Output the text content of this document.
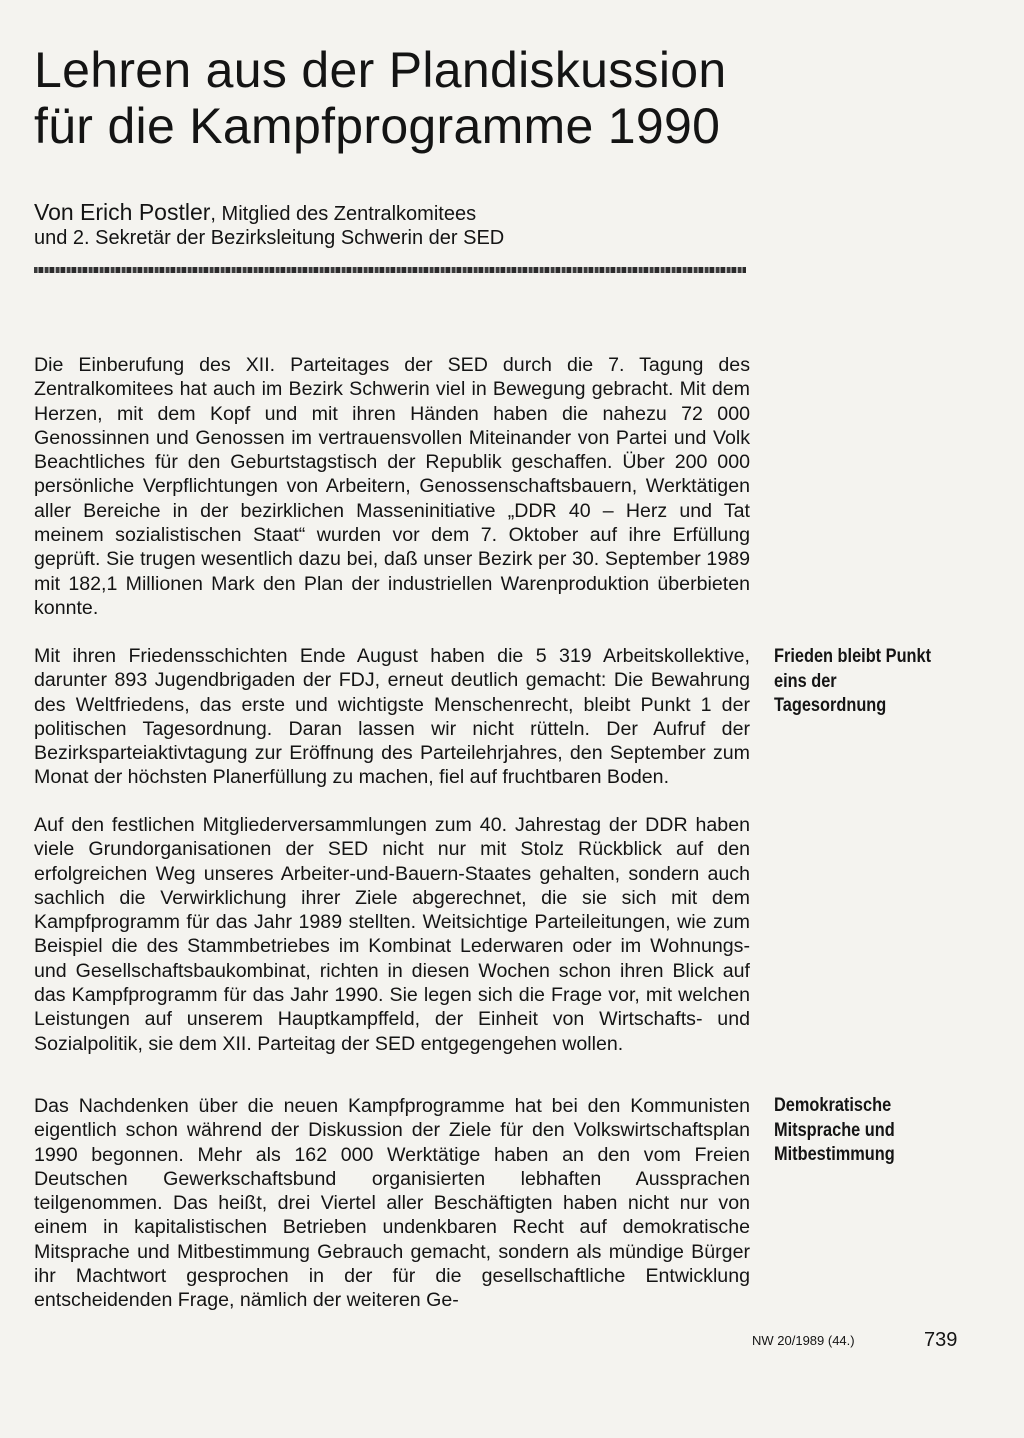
Lehren aus der Plandiskussion
für die Kampfprogramme 1990
Von Erich Postler, Mitglied des Zentralkomitees
und 2. Sekretär der Bezirksleitung Schwerin der SED

Die Einberufung des XII. Parteitages der SED durch die 7. Tagung des Zentralkomitees hat auch im Bezirk Schwerin viel in Bewegung gebracht. Mit dem Herzen, mit dem Kopf und mit ihren Händen haben die nahezu 72 000 Genossinnen und Genossen im vertrauensvollen Miteinander von Partei und Volk Beachtliches für den Geburtstagstisch der Republik geschaffen. Über 200 000 persönliche Verpflichtungen von Arbeitern, Genossenschaftsbauern, Werktätigen aller Bereiche in der bezirklichen Masseninitiative „DDR 40 – Herz und Tat meinem sozialistischen Staat“ wurden vor dem 7. Oktober auf ihre Erfüllung geprüft. Sie trugen wesentlich dazu bei, daß unser Bezirk per 30. September 1989 mit 182,1 Millionen Mark den Plan der industriellen Warenproduktion überbieten konnte.

Mit ihren Friedensschichten Ende August haben die 5 319 Arbeitskollektive, darunter 893 Jugendbrigaden der FDJ, erneut deutlich gemacht: Die Bewahrung des Weltfriedens, das erste und wichtigste Menschenrecht, bleibt Punkt 1 der politischen Tagesordnung. Daran lassen wir nicht rütteln. Der Aufruf der Bezirksparteiaktivtagung zur Eröffnung des Parteilehrjahres, den September zum Monat der höchsten Planerfüllung zu machen, fiel auf fruchtbaren Boden.

Auf den festlichen Mitgliederversammlungen zum 40. Jahrestag der DDR haben viele Grundorganisationen der SED nicht nur mit Stolz Rückblick auf den erfolgreichen Weg unseres Arbeiter-und-Bauern-Staates gehalten, sondern auch sachlich die Verwirklichung ihrer Ziele abgerechnet, die sie sich mit dem Kampfprogramm für das Jahr 1989 stellten. Weitsichtige Parteileitungen, wie zum Beispiel die des Stammbetriebes im Kombinat Lederwaren oder im Wohnungs- und Gesellschaftsbaukombinat, richten in diesen Wochen schon ihren Blick auf das Kampfprogramm für das Jahr 1990. Sie legen sich die Frage vor, mit welchen Leistungen auf unserem Hauptkampffeld, der Einheit von Wirtschafts- und Sozialpolitik, sie dem XII. Parteitag der SED entgegengehen wollen.

Das Nachdenken über die neuen Kampfprogramme hat bei den Kommunisten eigentlich schon während der Diskussion der Ziele für den Volkswirtschaftsplan 1990 begonnen. Mehr als 162 000 Werktätige haben an den vom Freien Deutschen Gewerkschaftsbund organisierten lebhaften Aussprachen teilgenommen. Das heißt, drei Viertel aller Beschäftigten haben nicht nur von einem in kapitalistischen Betrieben undenkbaren Recht auf demokratische Mitsprache und Mitbestimmung Gebrauch gemacht, sondern als mündige Bürger ihr Machtwort gesprochen in der für die gesellschaftliche Entwicklung entscheidenden Frage, nämlich der weiteren Ge-

Frieden bleibt Punkt eins der Tagesordnung
Demokratische Mitsprache und Mitbestimmung
NW 20/1989 (44.)	739
